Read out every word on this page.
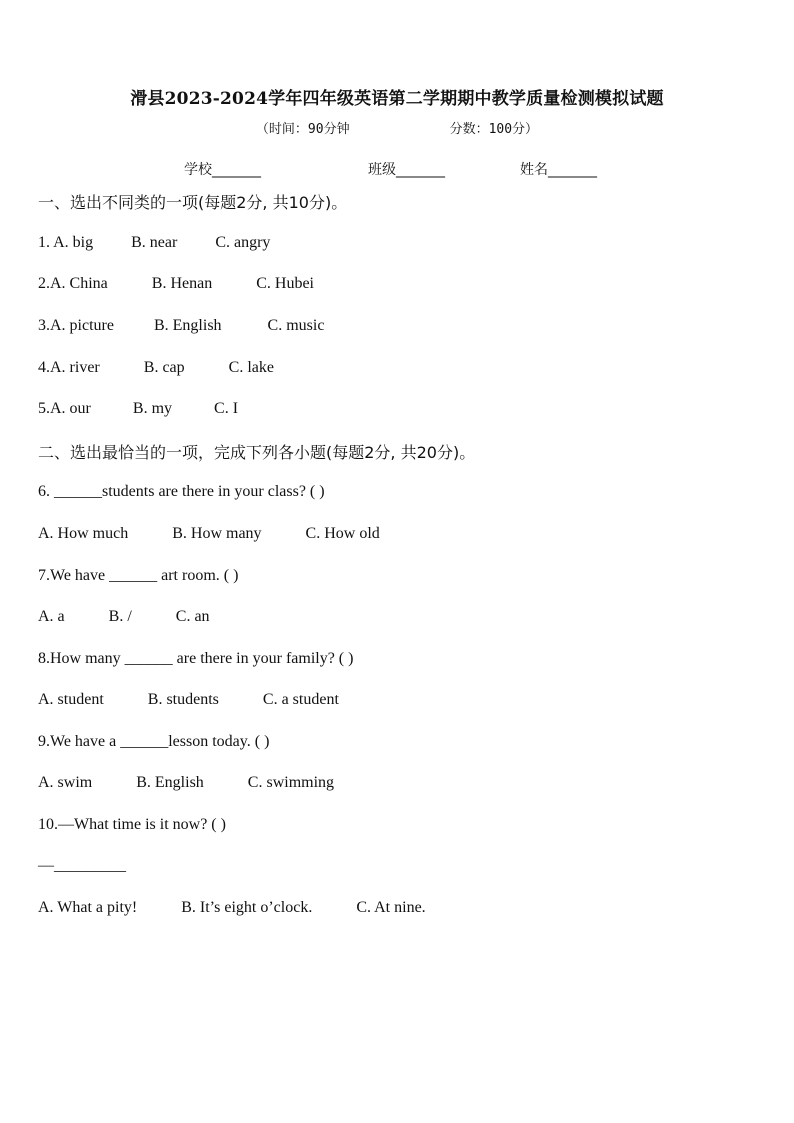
滑县2023-2024学年四年级英语第二学期期中教学质量检测模拟试题
（时间：90分钟	分数：100分）
学校_______	班级_______	姓名_______
一、选出不同类的一项(每题2分, 共10分)。
1. A. big B. near C. angry
2.A. China	B. Henan	C. Hubei
3.A. picture	B. English	C. music
4.A. river	B. cap	C. lake
5.A. our	B. my	C. I
二、选出最恰当的一项，完成下列各小题(每题2分, 共20分)。
6. ______students are there in your class? ( )
A. How much	B. How many	C. How old
7.We have ______ art room. ( )
A. a	B. /	C. an
8.How many ______ are there in your family? ( )
A. student	B. students	C. a student
9.We have a ______lesson today. ( )
A. swim	B. English	C. swimming
10.—What time is it now? ( )
—_________
A. What a pity!	B. It’s eight o’clock.	C. At nine.
